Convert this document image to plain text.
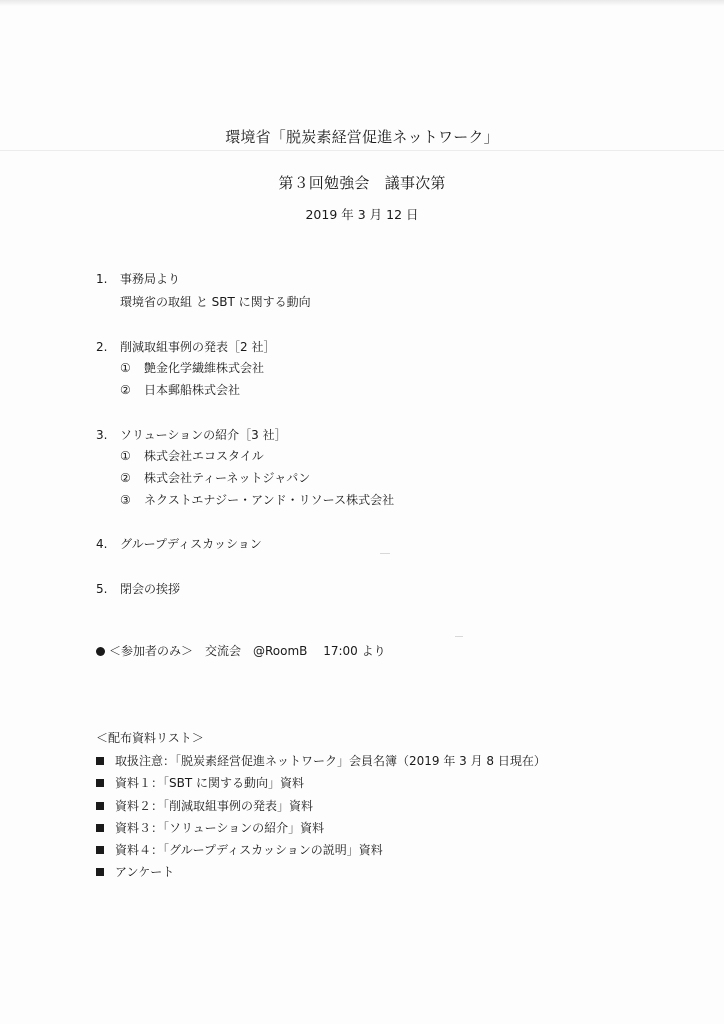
環境省「脱炭素経営促進ネットワーク」
第３回勉強会　議事次第
2019 年 3 月 12 日
1. 事務局より
環境省の取組 と SBT に関する動向
2. 削減取組事例の発表［2 社］
① 艶金化学繊維株式会社
② 日本郵船株式会社
3. ソリューションの紹介［3 社］
① 株式会社エコスタイル
② 株式会社ティーネットジャパン
③ ネクストエナジー・アンド・リソース株式会社
4. グループディスカッション
5. 閉会の挨拶
＜参加者のみ＞　交流会　@RoomB　 17:00 より
＜配布資料リスト＞
取扱注意：「脱炭素経営促進ネットワーク」会員名簿（2019 年 3 月 8 日現在）
資料１：「SBT に関する動向」資料
資料２：「削減取組事例の発表」資料
資料３：「ソリューションの紹介」資料
資料４：「グループディスカッションの説明」資料
アンケート
